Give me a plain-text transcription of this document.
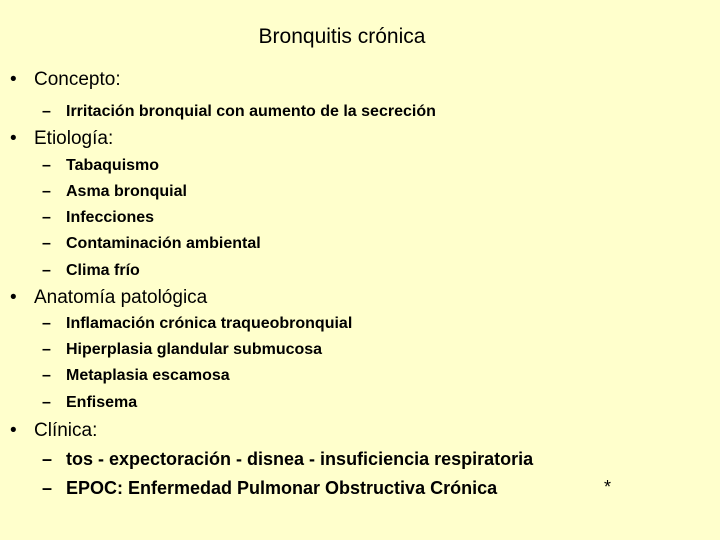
Bronquitis crónica
• Concepto:
– Irritación bronquial con aumento de la secreción
• Etiología:
– Tabaquismo
– Asma bronquial
– Infecciones
– Contaminación ambiental
– Clima frío
• Anatomía patológica
– Inflamación crónica traqueobronquial
– Hiperplasia glandular submucosa
– Metaplasia escamosa
– Enfisema
• Clínica:
– tos - expectoración - disnea - insuficiencia respiratoria
– EPOC: Enfermedad Pulmonar Obstructiva Crónica	*
